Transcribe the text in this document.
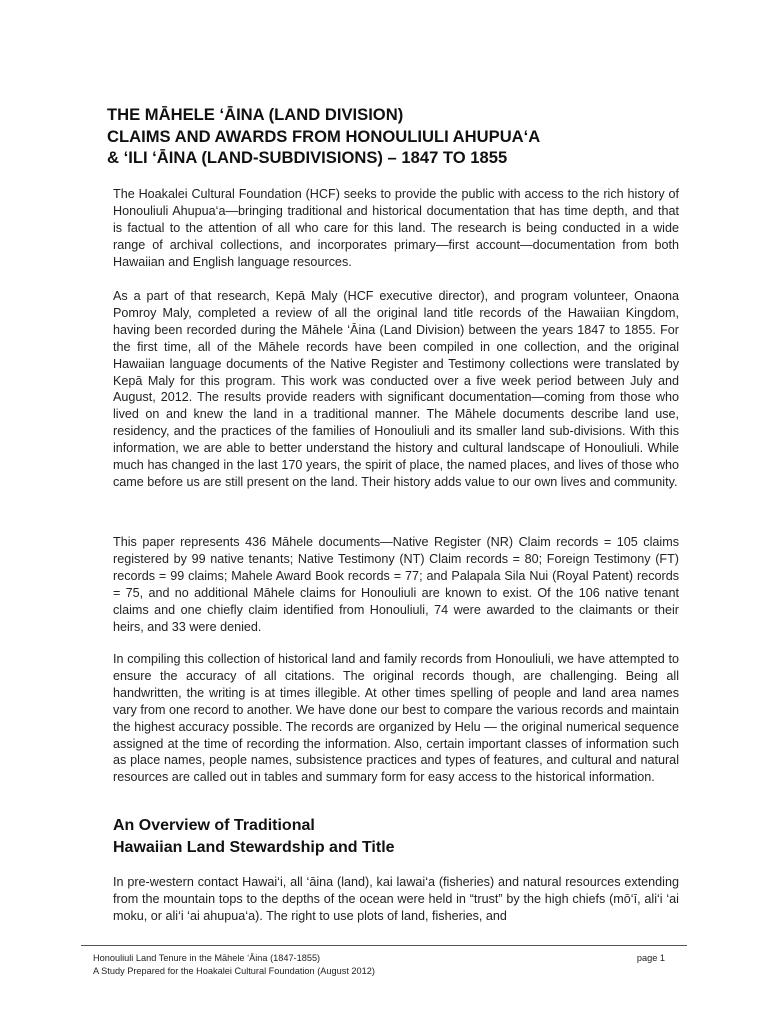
THE MĀHELE ‘ĀINA (LAND DIVISION)
CLAIMS AND AWARDS FROM HONOULIULI AHUPUA‘A
& ‘ILI ‘ĀINA (LAND-SUBDIVISIONS) – 1847 TO 1855

The Hoakalei Cultural Foundation (HCF) seeks to provide the public with access to the rich history of Honouliuli Ahupua‘a—bringing traditional and historical documentation that has time depth, and that is factual to the attention of all who care for this land. The research is being conducted in a wide range of archival collections, and incorporates primary—first account—documentation from both Hawaiian and English language resources.

As a part of that research, Kepā Maly (HCF executive director), and program volunteer, Onaona Pomroy Maly, completed a review of all the original land title records of the Hawaiian Kingdom, having been recorded during the Māhele ‘Āina (Land Division) between the years 1847 to 1855. For the first time, all of the Māhele records have been compiled in one collection, and the original Hawaiian language documents of the Native Register and Testimony collections were translated by Kepā Maly for this program. This work was conducted over a five week period between July and August, 2012. The results provide readers with significant documentation—coming from those who lived on and knew the land in a traditional manner. The Māhele documents describe land use, residency, and the practices of the families of Honouliuli and its smaller land sub-divisions. With this information, we are able to better understand the history and cultural landscape of Honouliuli. While much has changed in the last 170 years, the spirit of place, the named places, and lives of those who came before us are still present on the land. Their history adds value to our own lives and community.

This paper represents 436 Māhele documents—Native Register (NR) Claim records = 105 claims registered by 99 native tenants; Native Testimony (NT) Claim records = 80; Foreign Testimony (FT) records = 99 claims; Mahele Award Book records = 77; and Palapala Sila Nui (Royal Patent) records = 75, and no additional Māhele claims for Honouliuli are known to exist. Of the 106 native tenant claims and one chiefly claim identified from Honouliuli, 74 were awarded to the claimants or their heirs, and 33 were denied.

In compiling this collection of historical land and family records from Honouliuli, we have attempted to ensure the accuracy of all citations. The original records though, are challenging. Being all handwritten, the writing is at times illegible. At other times spelling of people and land area names vary from one record to another. We have done our best to compare the various records and maintain the highest accuracy possible. The records are organized by Helu — the original numerical sequence assigned at the time of recording the information. Also, certain important classes of information such as place names, people names, subsistence practices and types of features, and cultural and natural resources are called out in tables and summary form for easy access to the historical information.

An Overview of Traditional
Hawaiian Land Stewardship and Title

In pre-western contact Hawai‘i, all ‘āina (land), kai lawai‘a (fisheries) and natural resources extending from the mountain tops to the depths of the ocean were held in “trust” by the high chiefs (mō‘ī, ali‘i ‘ai moku, or ali‘i ‘ai ahupua‘a). The right to use plots of land, fisheries, and

Honouliuli Land Tenure in the Māhele ‘Āina (1847-1855)
A Study Prepared for the Hoakalei Cultural Foundation (August 2012)
page 1
